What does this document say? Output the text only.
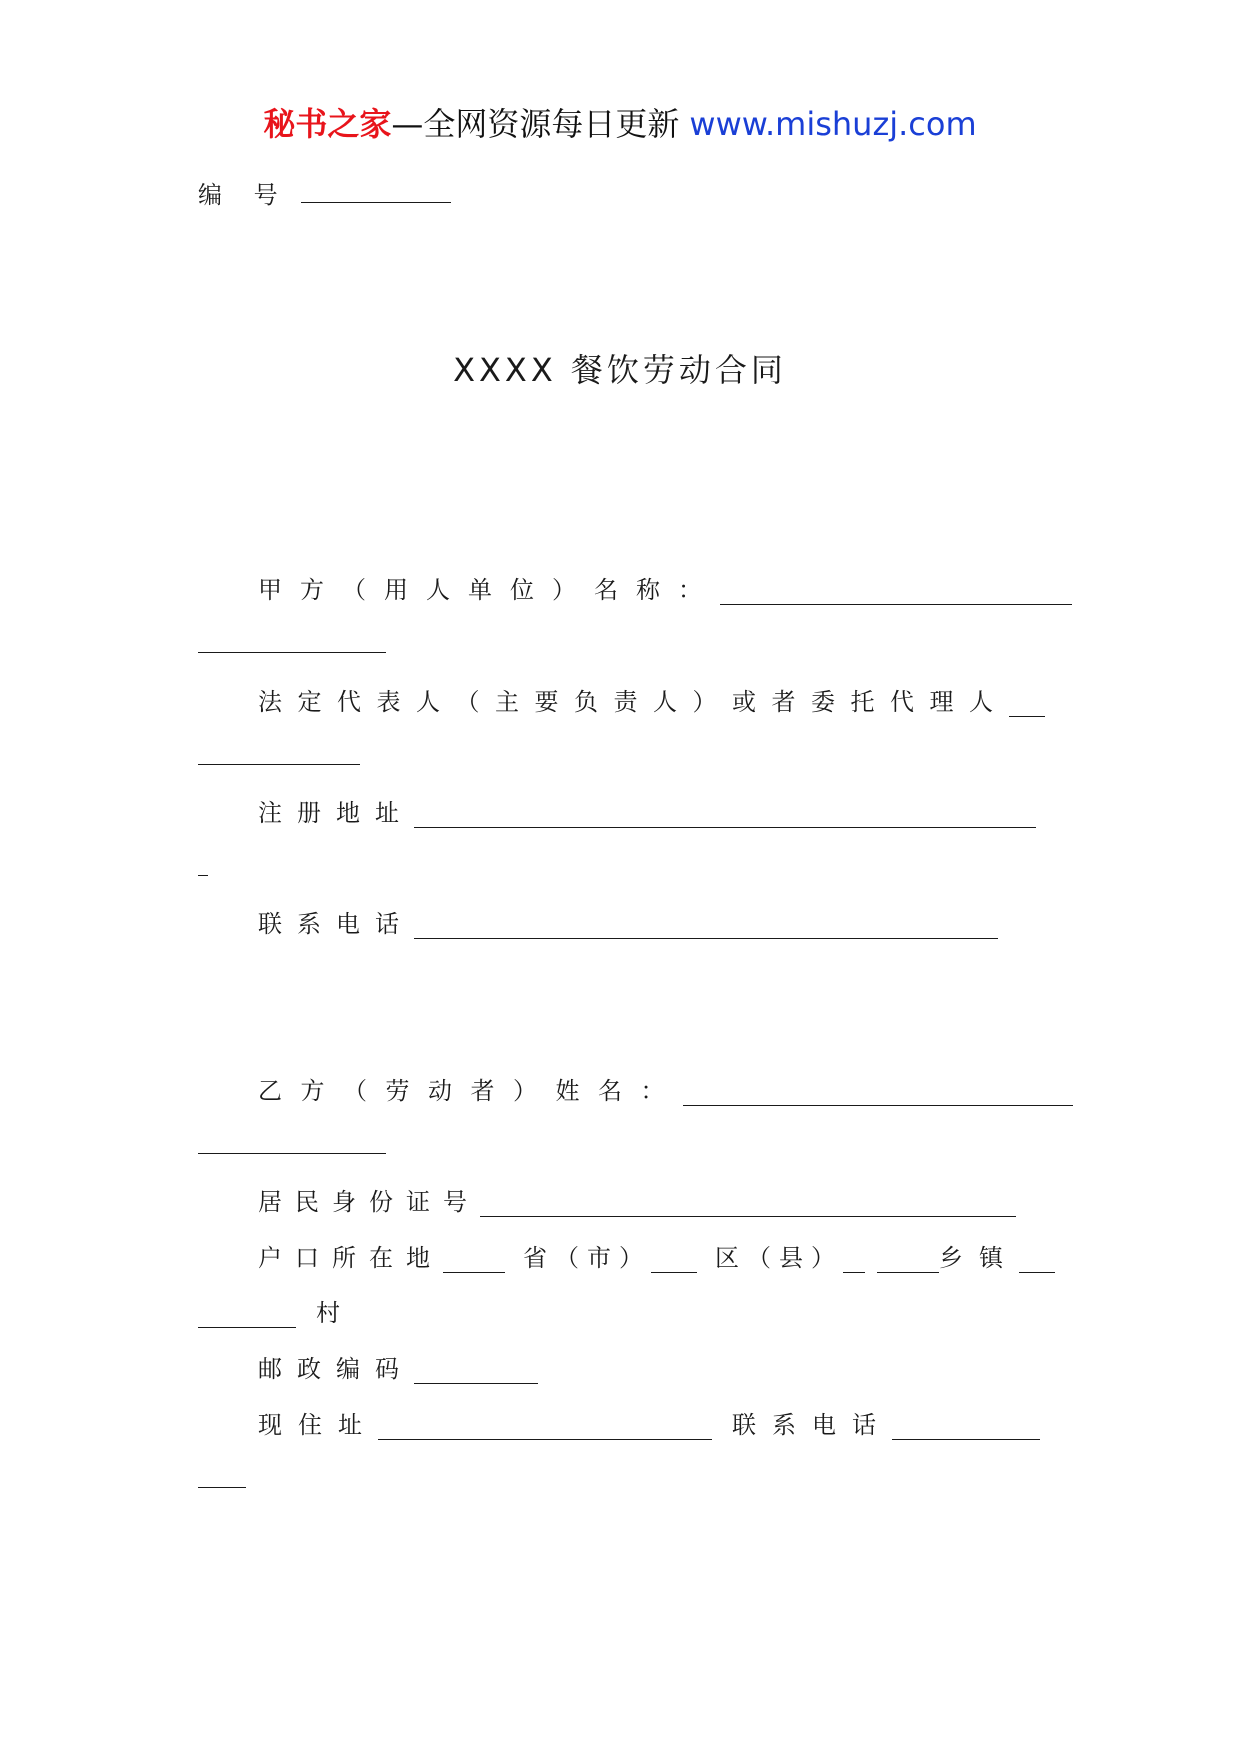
秘书之家—全网资源每日更新 www.mishuzj.com
编 号
XXXX 餐饮劳动合同
甲方（用人单位）名称：
法定代表人（主要负责人）或者委托代理人
注册地址
联系电话
乙方（劳动者）姓名：
居民身份证号
户口所在地	省（市）	区（县）	乡镇
村
邮政编码
现住址	联系电话
